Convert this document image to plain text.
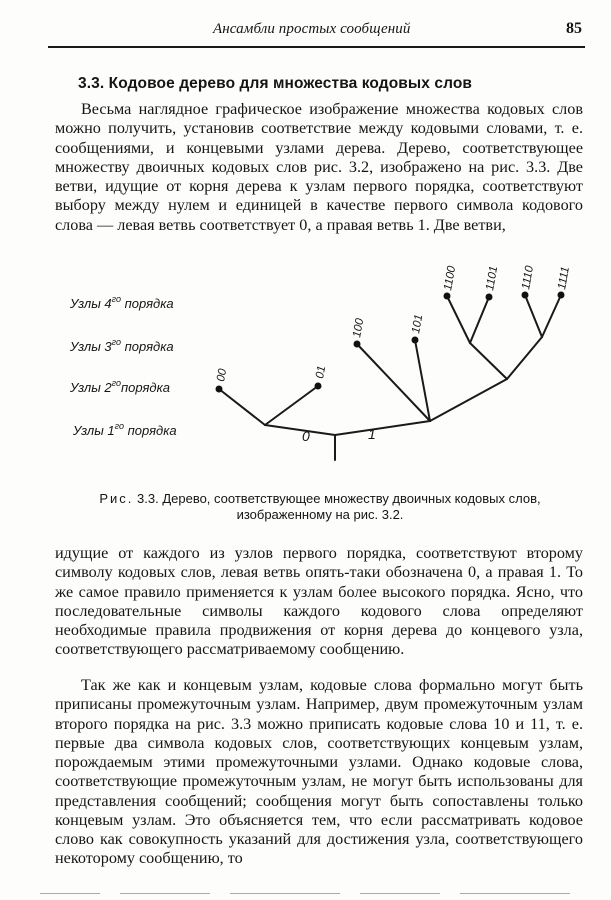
Ансамбли простых сообщений	85
3.3. Кодовое дерево для множества кодовых слов

Весьма наглядное графическое изображение множества кодовых слов можно получить, установив соответствие между кодовыми словами, т. е. сообщениями, и концевыми узлами дерева. Дерево, соответствующее множеству двоичных кодовых слов рис. 3.2, изображено на рис. 3.3. Две ветви, идущие от корня дерева к узлам первого порядка, соответствуют выбору между нулем и единицей в качестве первого символа кодового слова — левая ветвь соответствует 0, а правая ветвь 1. Две ветви,

Узлы $4^{го}$ порядка
Узлы $3^{го}$ порядка
Узлы $2^{го}порядка$
Узлы $1^{го}$ порядка	0	1
00	01
100	101
1100 1101 1110 1111

Рис. 3.3. Дерево, соответствующее множеству двоичных кодовых слов, изображенному на рис. 3.2.

идущие от каждого из узлов первого порядка, соответствуют второму символу кодовых слов, левая ветвь опять-таки обозначена 0, а правая 1. То же самое правило применяется к узлам более высокого порядка. Ясно, что последовательные символы каждого кодового слова определяют необходимые правила продвижения от корня дерева до концевого узла, соответствующего рассматриваемому сообщению.

Так же как и концевым узлам, кодовые слова формально могут быть приписаны промежуточным узлам. Например, двум промежуточным узлам второго порядка на рис. 3.3 можно приписать кодовые слова 10 и 11, т. е. первые два символа кодовых слов, соответствующих концевым узлам, порождаемым этими промежуточными узлами. Однако кодовые слова, соответствующие промежуточным узлам, не могут быть использованы для представления сообщений; сообщения могут быть сопоставлены только концевым узлам. Это объясняется тем, что если рассматривать кодовое слово как совокупность указаний для достижения узла, соответствующего некоторому сообщению, то
